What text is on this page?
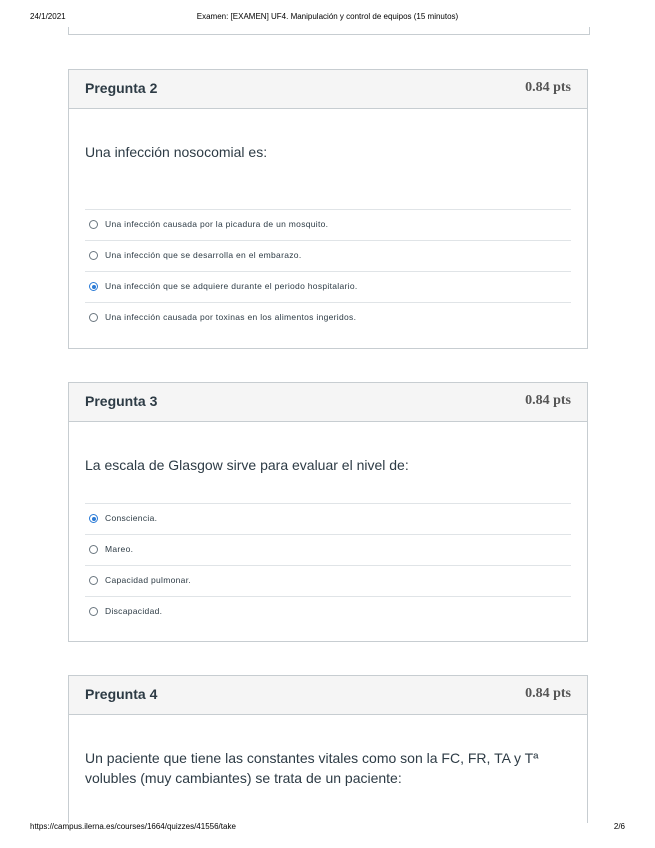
24/1/2021	Examen: [EXAMEN] UF4. Manipulación y control de equipos (15 minutos)
Pregunta 2	0.84 pts
Una infección nosocomial es:
Una infección causada por la picadura de un mosquito.
Una infección que se desarrolla en el embarazo.
Una infección que se adquiere durante el periodo hospitalario.
Una infección causada por toxinas en los alimentos ingeridos.
Pregunta 3	0.84 pts
La escala de Glasgow sirve para evaluar el nivel de:
Consciencia.
Mareo.
Capacidad pulmonar.
Discapacidad.
Pregunta 4	0.84 pts
Un paciente que tiene las constantes vitales como son la FC, FR, TA y Tª volubles (muy cambiantes) se trata de un paciente:
https://campus.ilerna.es/courses/1664/quizzes/41556/take	2/6
